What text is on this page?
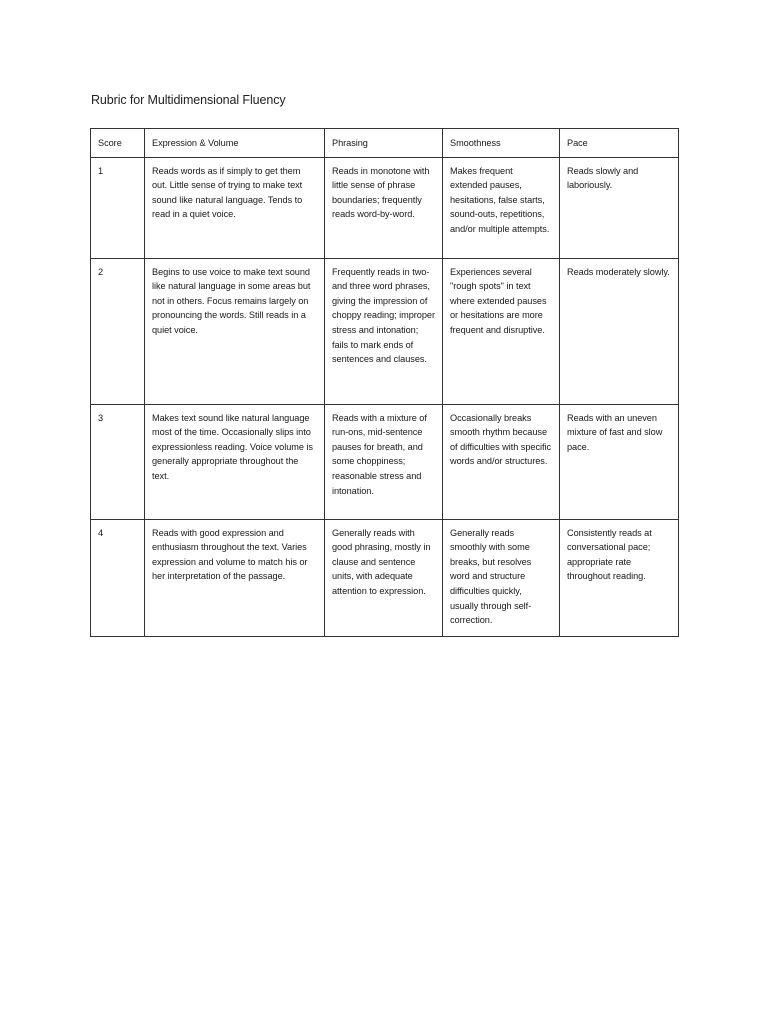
Rubric for Multidimensional Fluency
Score	Expression & Volume	Phrasing	Smoothness	Pace
1	Reads words as if simply to get them out. Little sense of trying to make text sound like natural language. Tends to read in a quiet voice.	Reads in monotone with little sense of phrase boundaries; frequently reads word-by-word.	Makes frequent extended pauses, hesitations, false starts, sound-outs, repetitions, and/or multiple attempts.	Reads slowly and laboriously.
2	Begins to use voice to make text sound like natural language in some areas but not in others. Focus remains largely on pronouncing the words. Still reads in a quiet voice.	Frequently reads in two- and three word phrases, giving the impression of choppy reading; improper stress and intonation; fails to mark ends of sentences and clauses.	Experiences several "rough spots" in text where extended pauses or hesitations are more frequent and disruptive.	Reads moderately slowly.
3	Makes text sound like natural language most of the time. Occasionally slips into expressionless reading. Voice volume is generally appropriate throughout the text.	Reads with a mixture of run-ons, mid-sentence pauses for breath, and some choppiness; reasonable stress and intonation.	Occasionally breaks smooth rhythm because of difficulties with specific words and/or structures.	Reads with an uneven mixture of fast and slow pace.
4	Reads with good expression and enthusiasm throughout the text. Varies expression and volume to match his or her interpretation of the passage.	Generally reads with good phrasing, mostly in clause and sentence units, with adequate attention to expression.	Generally reads smoothly with some breaks, but resolves word and structure difficulties quickly, usually through self-correction.	Consistently reads at conversational pace; appropriate rate throughout reading.
